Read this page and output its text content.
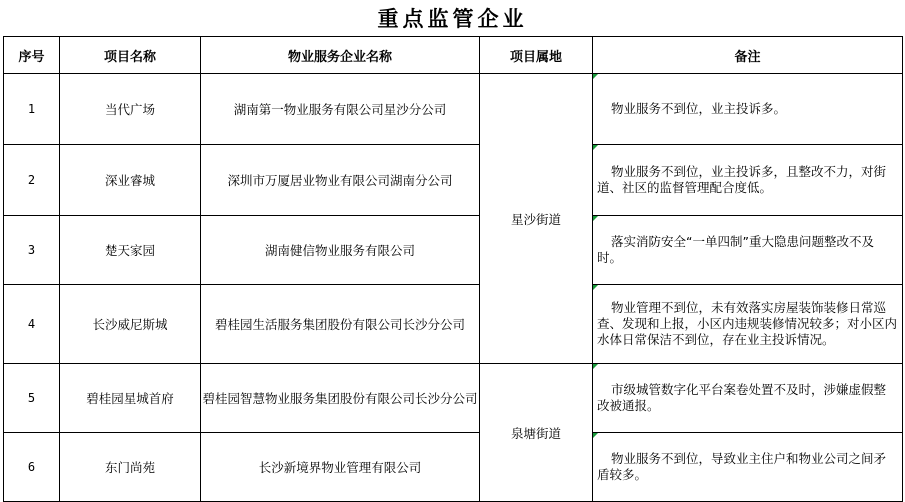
重点监管企业
序号	项目名称	物业服务企业名称	项目属地	备注
1	当代广场	湖南第一物业服务有限公司星沙分公司	星沙街道	物业服务不到位，业主投诉多。
2	深业睿城	深圳市万厦居业物业有限公司湖南分公司		物业服务不到位，业主投诉多，且整改不力，对街道、社区的监督管理配合度低。
3	楚天家园	湖南健信物业服务有限公司		落实消防安全“一单四制”重大隐患问题整改不及时。
4	长沙威尼斯城	碧桂园生活服务集团股份有限公司长沙分公司		物业管理不到位，未有效落实房屋装饰装修日常巡查、发现和上报，小区内违规装修情况较多；对小区内水体日常保洁不到位，存在业主投诉情况。
5	碧桂园星城首府	碧桂园智慧物业服务集团股份有限公司长沙分公司	泉塘街道	市级城管数字化平台案卷处置不及时，涉嫌虚假整改被通报。
6	东门尚苑	长沙新境界物业管理有限公司		物业服务不到位，导致业主住户和物业公司之间矛盾较多。
